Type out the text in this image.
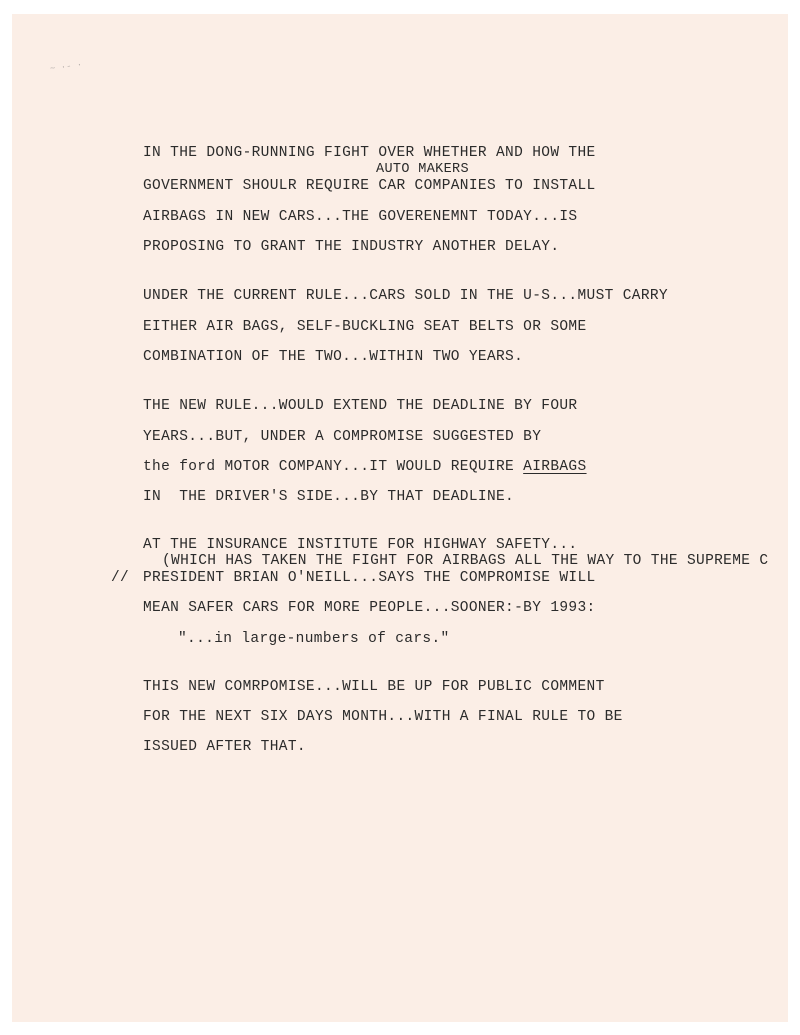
~ ·- ·
IN THE DONG-RUNNING FIGHT OVER WHETHER AND HOW THE
AUTO MAKERS
GOVERNMENT SHOULR REQUIRE CAR COMPANIES TO INSTALL
AIRBAGS IN NEW CARS...THE GOVERENEMNT TODAY...IS
PROPOSING TO GRANT THE INDUSTRY ANOTHER DELAY.
UNDER THE CURRENT RULE...CARS SOLD IN THE U-S...MUST CARRY
EITHER AIR BAGS, SELF-BUCKLING SEAT BELTS OR SOME
COMBINATION OF THE TWO...WITHIN TWO YEARS.
THE NEW RULE...WOULD EXTEND THE DEADLINE BY FOUR
YEARS...BUT, UNDER A COMPROMISE SUGGESTED BY
the ford MOTOR COMPANY...IT WOULD REQUIRE AIRBAGS
IN  THE DRIVER'S SIDE...BY THAT DEADLINE.
AT THE INSURANCE INSTITUTE FOR HIGHWAY SAFETY...
(WHICH HAS TAKEN THE FIGHT FOR AIRBAGS ALL THE WAY TO THE SUPREME C
// PRESIDENT BRIAN O'NEILL...SAYS THE COMPROMISE WILL
MEAN SAFER CARS FOR MORE PEOPLE...SOONER:-BY 1993:
"...in large-numbers of cars."
THIS NEW COMRPOMISE...WILL BE UP FOR PUBLIC COMMENT
FOR THE NEXT SIX DAYS MONTH...WITH A FINAL RULE TO BE
ISSUED AFTER THAT.
